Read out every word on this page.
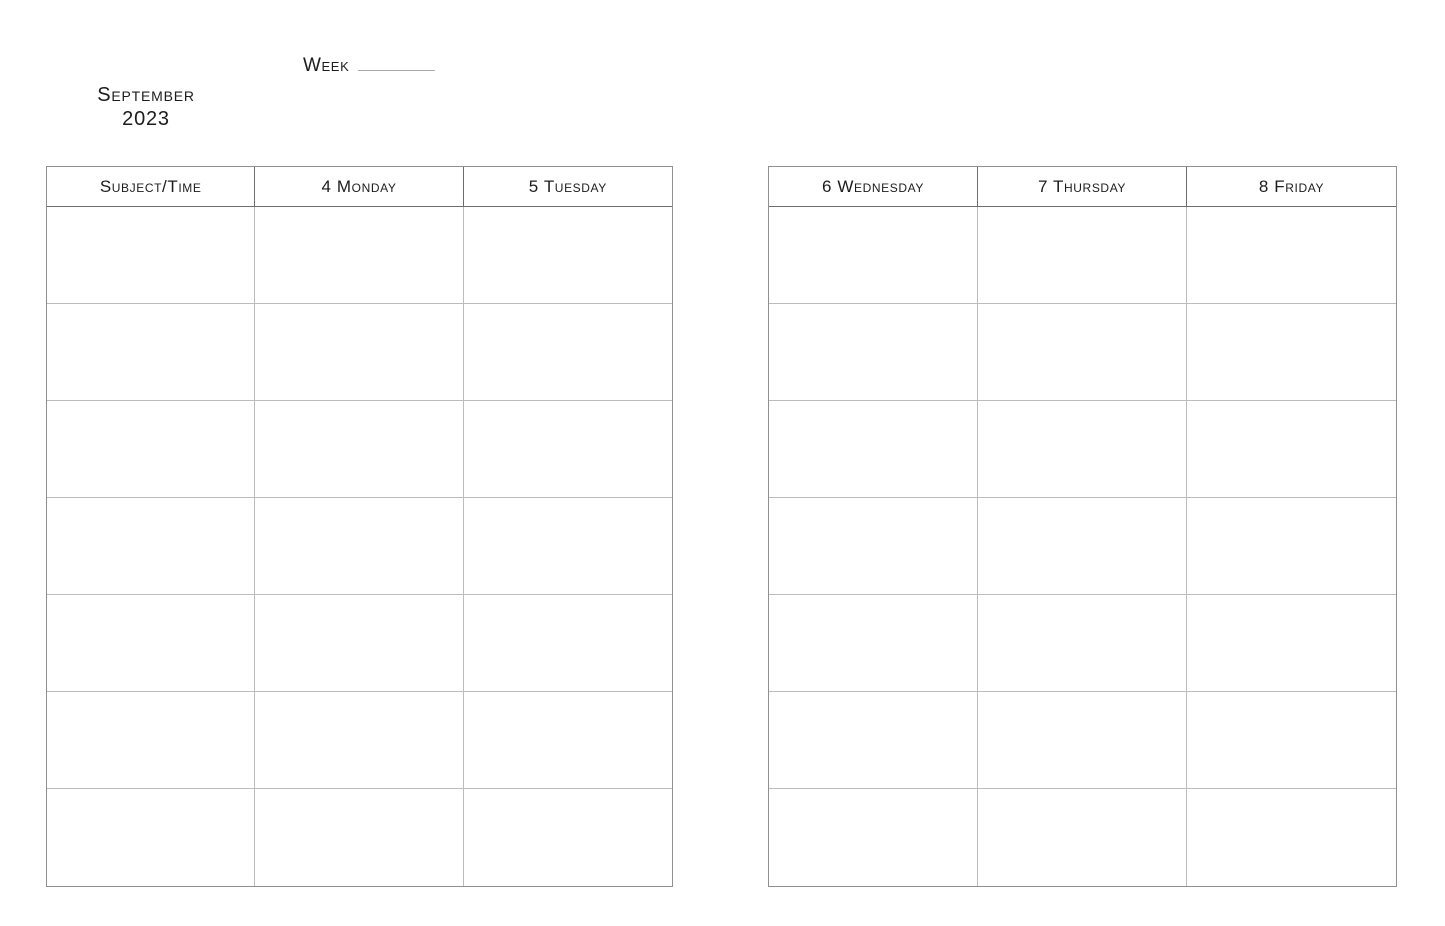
Week
September
2023
Subject/Time	4 Monday	5 Tuesday	6 Wednesday	7 Thursday	8 Friday
